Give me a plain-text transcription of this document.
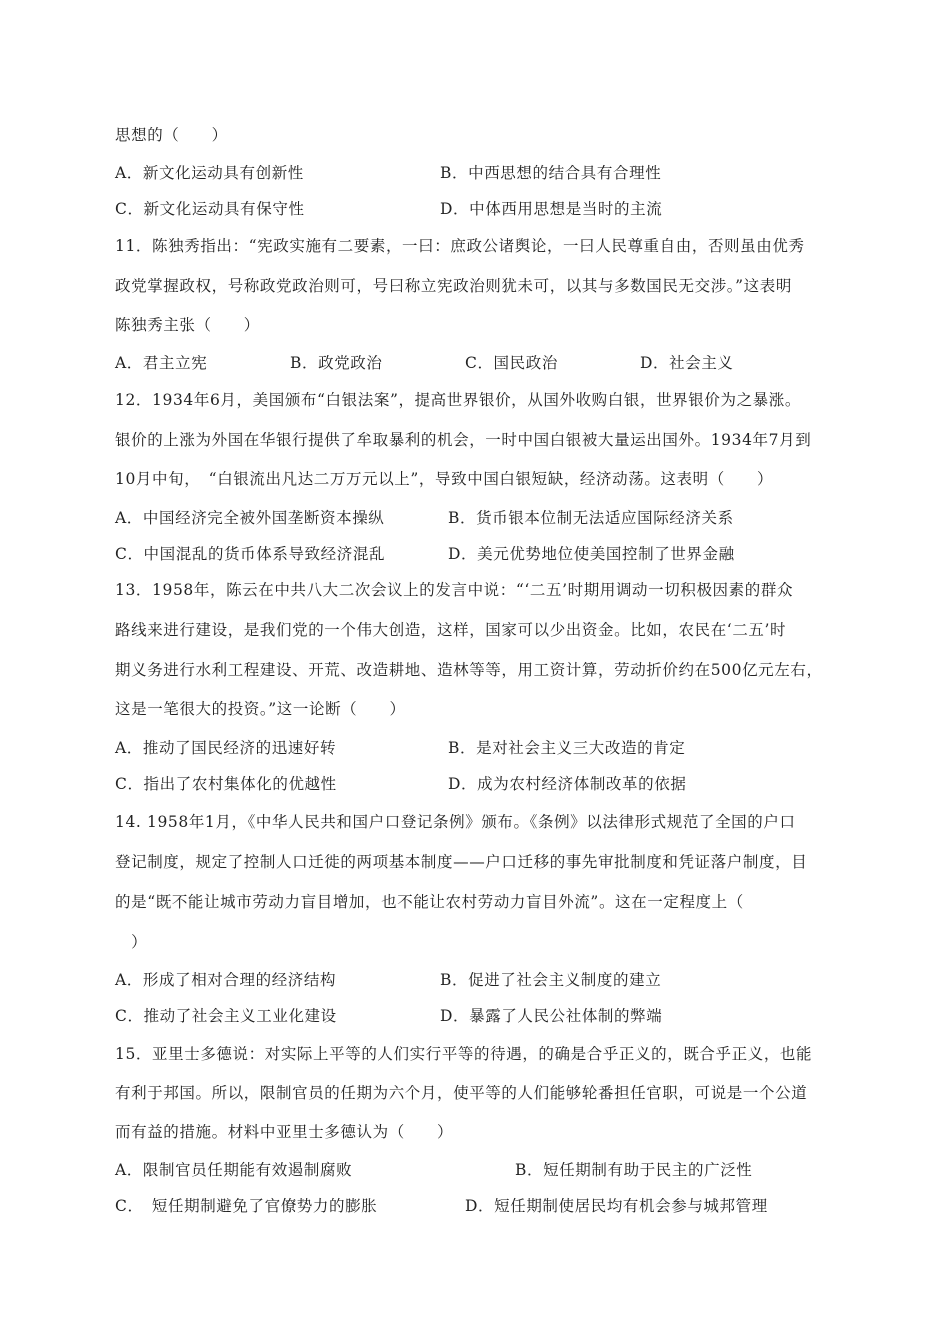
思想的（　　）
A．新文化运动具有创新性	B．中西思想的结合具有合理性
C．新文化运动具有保守性	D．中体西用思想是当时的主流
11．陈独秀指出：“宪政实施有二要素，一曰：庶政公诸舆论，一曰人民尊重自由，否则虽由优秀
政党掌握政权，号称政党政治则可，号曰称立宪政治则犹未可，以其与多数国民无交涉。”这表明
陈独秀主张（　　）
A．君主立宪	B．政党政治	C．国民政治	D．社会主义
12．1934年6月，美国颁布“白银法案”，提高世界银价，从国外收购白银，世界银价为之暴涨。
银价的上涨为外国在华银行提供了牟取暴利的机会，一时中国白银被大量运出国外。1934年7月到
10月中旬，　“白银流出凡达二万万元以上”，导致中国白银短缺，经济动荡。这表明（　　）
A．中国经济完全被外国垄断资本操纵	B．货币银本位制无法适应国际经济关系
C．中国混乱的货币体系导致经济混乱	D．美元优势地位使美国控制了世界金融
13．1958年，陈云在中共八大二次会议上的发言中说：“‘二五’时期用调动一切积极因素的群众
路线来进行建设，是我们党的一个伟大创造，这样，国家可以少出资金。比如，农民在‘二五’时
期义务进行水利工程建设、开荒、改造耕地、造林等等，用工资计算，劳动折价约在500亿元左右，
这是一笔很大的投资。”这一论断（　　）
A．推动了国民经济的迅速好转	B．是对社会主义三大改造的肯定
C．指出了农村集体化的优越性	D．成为农村经济体制改革的依据
14. 1958年1月，《中华人民共和国户口登记条例》颁布。《条例》以法律形式规范了全国的户口
登记制度，规定了控制人口迁徙的两项基本制度——户口迁移的事先审批制度和凭证落户制度，目
的是“既不能让城市劳动力盲目增加，也不能让农村劳动力盲目外流”。这在一定程度上（
　）
A．形成了相对合理的经济结构	B．促进了社会主义制度的建立
C．推动了社会主义工业化建设	D．暴露了人民公社体制的弊端
15．亚里士多德说：对实际上平等的人们实行平等的待遇，的确是合乎正义的，既合乎正义，也能
有利于邦国。所以，限制官员的任期为六个月，使平等的人们能够轮番担任官职，可说是一个公道
而有益的措施。材料中亚里士多德认为（　　）
A．限制官员任期能有效遏制腐败	B．短任期制有助于民主的广泛性
C．　短任期制避免了官僚势力的膨胀	D．短任期制使居民均有机会参与城邦管理
